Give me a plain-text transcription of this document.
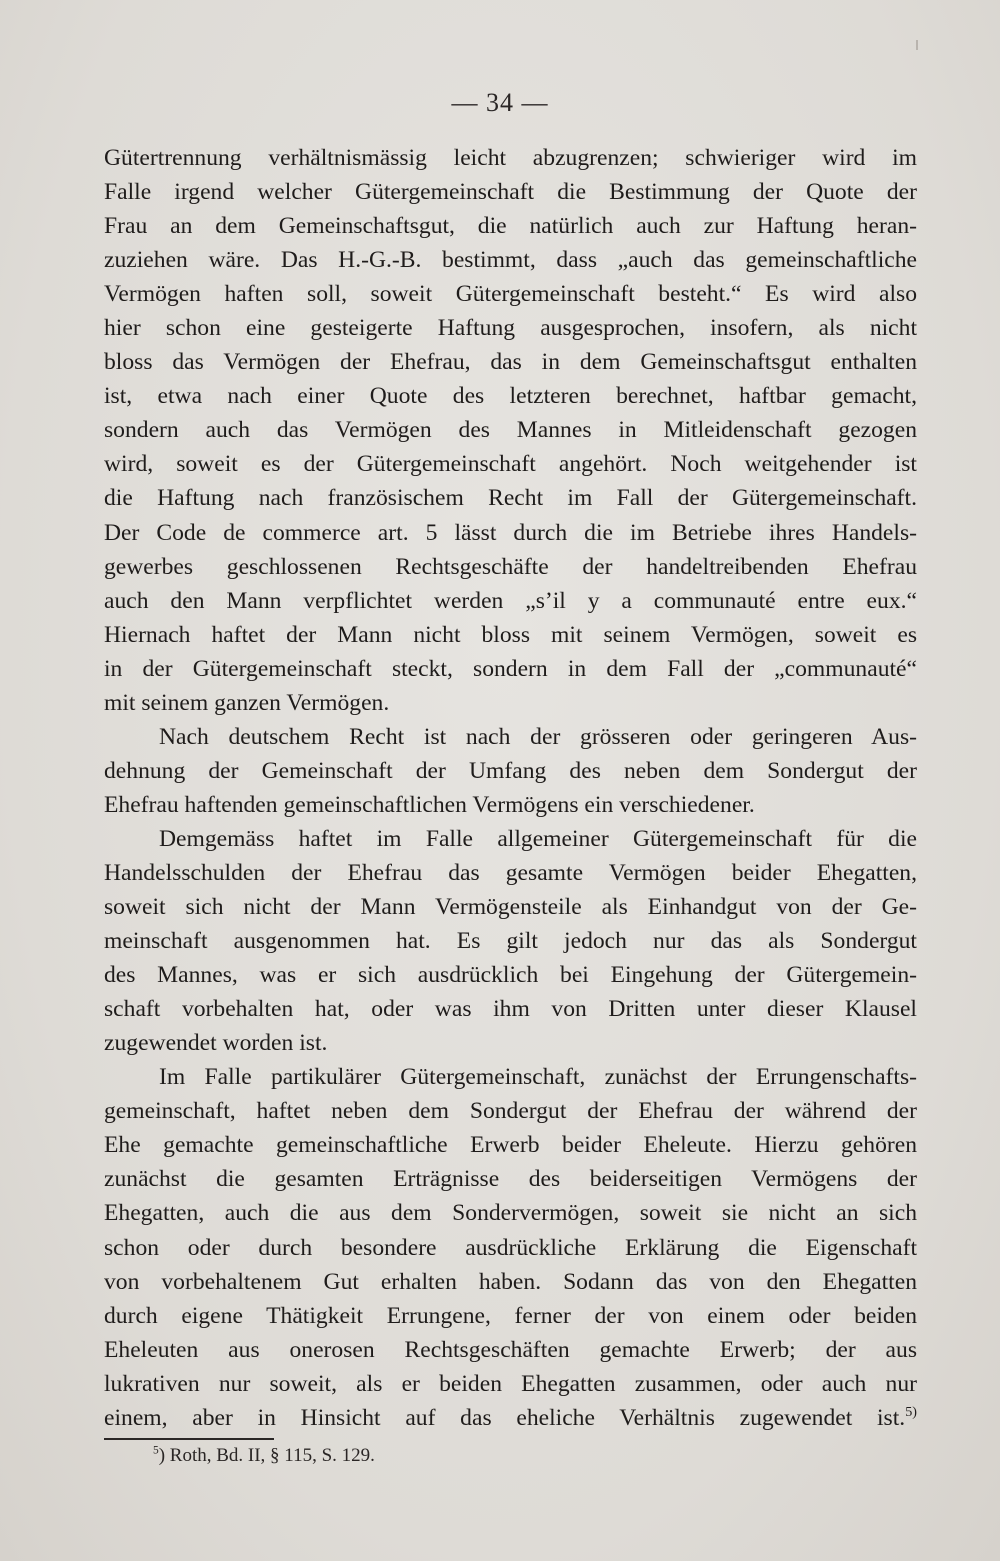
— 34 —
Gütertrennung verhältnismässig leicht abzugrenzen; schwieriger wird im
Falle irgend welcher Gütergemeinschaft die Bestimmung der Quote der
Frau an dem Gemeinschaftsgut, die natürlich auch zur Haftung heran-
zuziehen wäre. Das H.-G.-B. bestimmt, dass „auch das gemeinschaftliche
Vermögen haften soll, soweit Gütergemeinschaft besteht.“ Es wird also
hier schon eine gesteigerte Haftung ausgesprochen, insofern, als nicht
bloss das Vermögen der Ehefrau, das in dem Gemeinschaftsgut enthalten
ist, etwa nach einer Quote des letzteren berechnet, haftbar gemacht,
sondern auch das Vermögen des Mannes in Mitleidenschaft gezogen
wird, soweit es der Gütergemeinschaft angehört. Noch weitgehender ist
die Haftung nach französischem Recht im Fall der Gütergemeinschaft.
Der Code de commerce art. 5 lässt durch die im Betriebe ihres Handels-
gewerbes geschlossenen Rechtsgeschäfte der handeltreibenden Ehefrau
auch den Mann verpflichtet werden „s’il y a communauté entre eux.“
Hiernach haftet der Mann nicht bloss mit seinem Vermögen, soweit es
in der Gütergemeinschaft steckt, sondern in dem Fall der „communauté“
mit seinem ganzen Vermögen.
Nach deutschem Recht ist nach der grösseren oder geringeren Aus-
dehnung der Gemeinschaft der Umfang des neben dem Sondergut der
Ehefrau haftenden gemeinschaftlichen Vermögens ein verschiedener.
Demgemäss haftet im Falle allgemeiner Gütergemeinschaft für die
Handelsschulden der Ehefrau das gesamte Vermögen beider Ehegatten,
soweit sich nicht der Mann Vermögensteile als Einhandgut von der Ge-
meinschaft ausgenommen hat. Es gilt jedoch nur das als Sondergut
des Mannes, was er sich ausdrücklich bei Eingehung der Gütergemein-
schaft vorbehalten hat, oder was ihm von Dritten unter dieser Klausel
zugewendet worden ist.
Im Falle partikulärer Gütergemeinschaft, zunächst der Errungenschafts-
gemeinschaft, haftet neben dem Sondergut der Ehefrau der während der
Ehe gemachte gemeinschaftliche Erwerb beider Eheleute. Hierzu gehören
zunächst die gesamten Erträgnisse des beiderseitigen Vermögens der
Ehegatten, auch die aus dem Sondervermögen, soweit sie nicht an sich
schon oder durch besondere ausdrückliche Erklärung die Eigenschaft
von vorbehaltenem Gut erhalten haben. Sodann das von den Ehegatten
durch eigene Thätigkeit Errungene, ferner der von einem oder beiden
Eheleuten aus onerosen Rechtsgeschäften gemachte Erwerb; der aus
lukrativen nur soweit, als er beiden Ehegatten zusammen, oder auch nur
einem, aber in Hinsicht auf das eheliche Verhältnis zugewendet ist.$^{5)}$
$^5$) Roth, Bd. II, § 115, S. 129.
